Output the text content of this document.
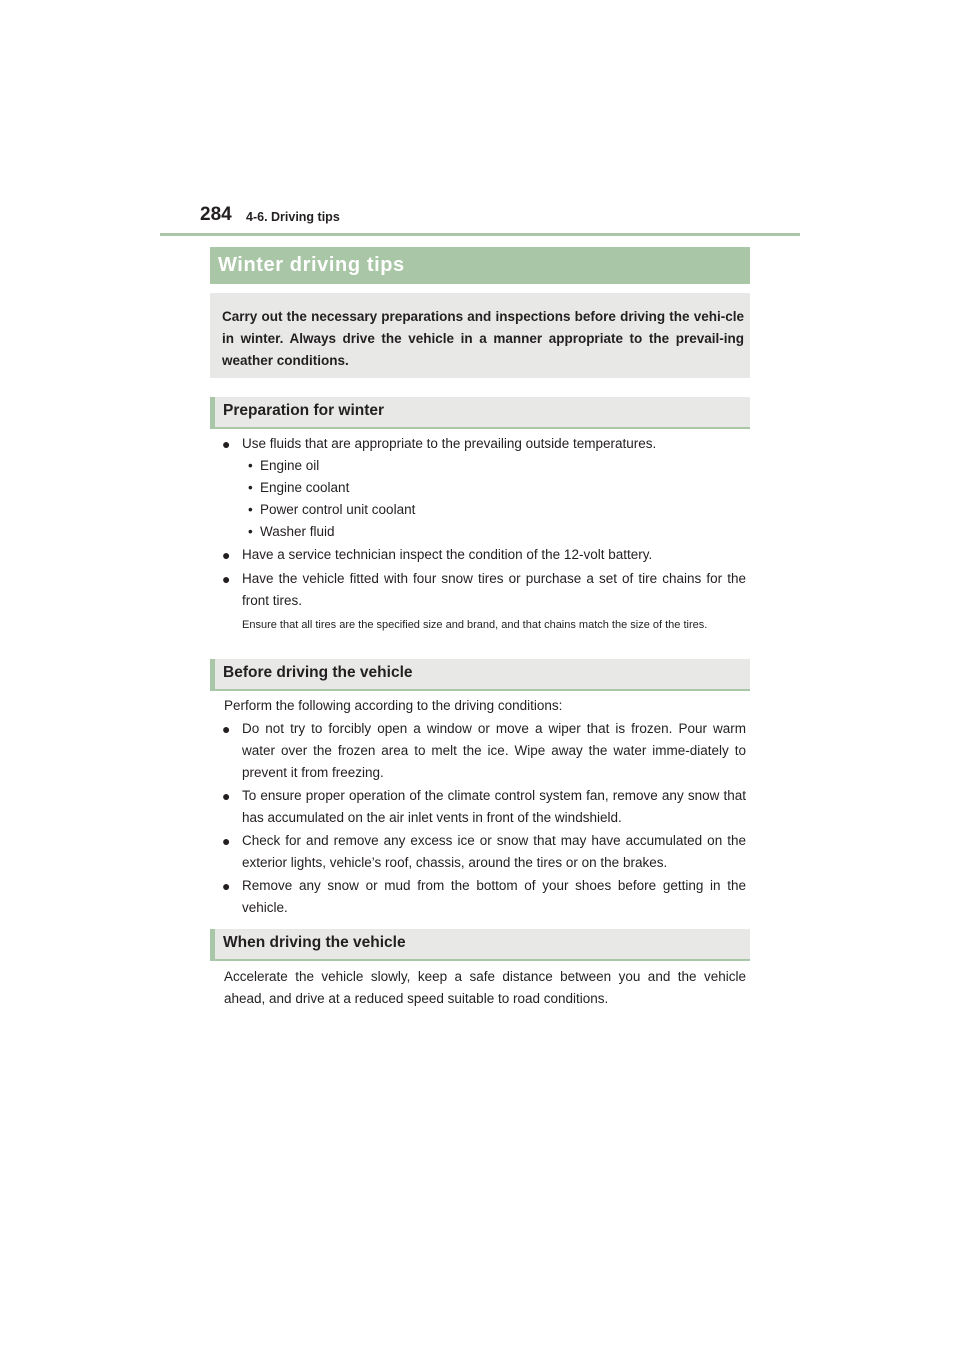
284 4-6. Driving tips
Winter driving tips
Carry out the necessary preparations and inspections before driving the vehi-cle in winter. Always drive the vehicle in a manner appropriate to the prevail-ing weather conditions.
Preparation for winter
● Use fluids that are appropriate to the prevailing outside temperatures.
• Engine oil
• Engine coolant
• Power control unit coolant
• Washer fluid
● Have a service technician inspect the condition of the 12-volt battery.
● Have the vehicle fitted with four snow tires or purchase a set of tire chains for the front tires.
Ensure that all tires are the specified size and brand, and that chains match the size of the tires.
Before driving the vehicle
Perform the following according to the driving conditions:
● Do not try to forcibly open a window or move a wiper that is frozen. Pour warm water over the frozen area to melt the ice. Wipe away the water imme-diately to prevent it from freezing.
● To ensure proper operation of the climate control system fan, remove any snow that has accumulated on the air inlet vents in front of the windshield.
● Check for and remove any excess ice or snow that may have accumulated on the exterior lights, vehicle’s roof, chassis, around the tires or on the brakes.
● Remove any snow or mud from the bottom of your shoes before getting in the vehicle.
When driving the vehicle
Accelerate the vehicle slowly, keep a safe distance between you and the vehicle ahead, and drive at a reduced speed suitable to road conditions.
